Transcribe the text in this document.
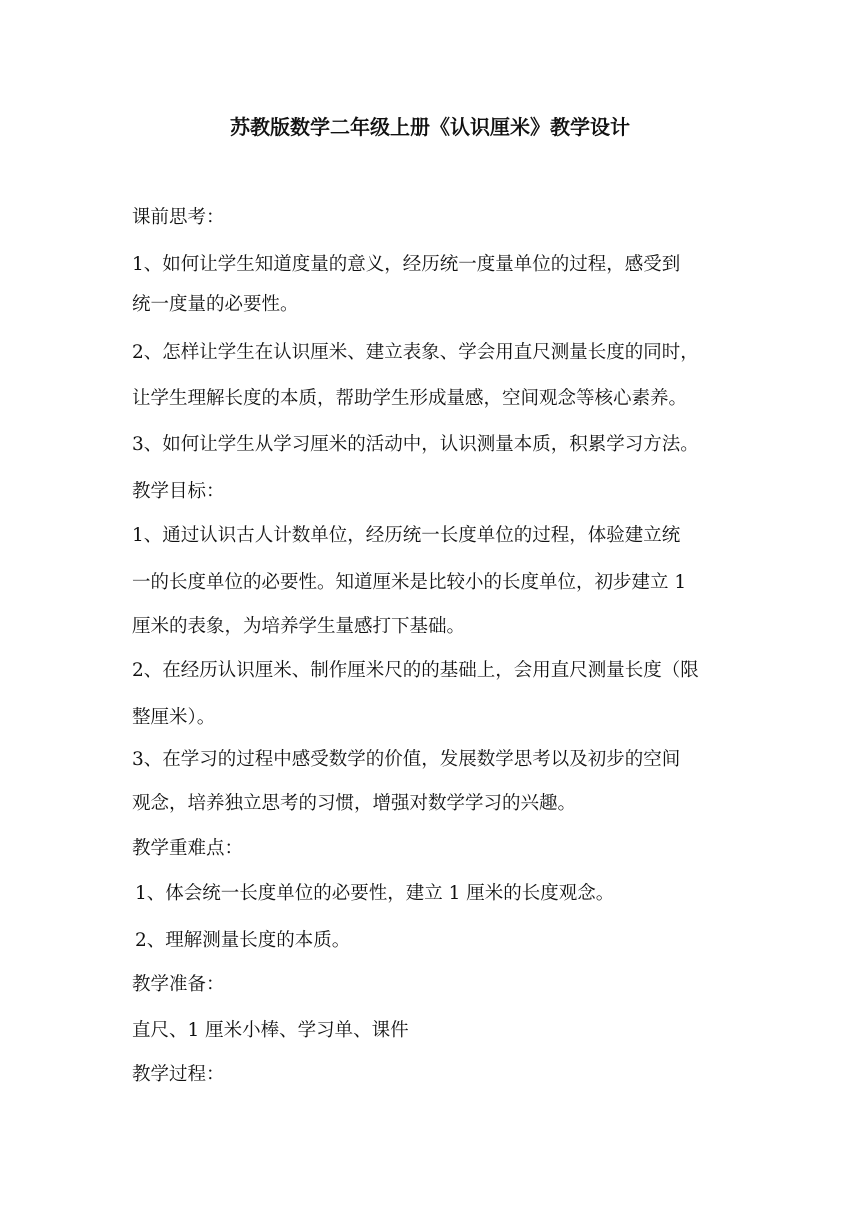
苏教版数学二年级上册《认识厘米》教学设计
课前思考：
1、如何让学生知道度量的意义，经历统一度量单位的过程，感受到
统一度量的必要性。
2、怎样让学生在认识厘米、建立表象、学会用直尺测量长度的同时，
让学生理解长度的本质，帮助学生形成量感，空间观念等核心素养。
3、如何让学生从学习厘米的活动中，认识测量本质，积累学习方法。
教学目标：
1、通过认识古人计数单位，经历统一长度单位的过程，体验建立统
一的长度单位的必要性。知道厘米是比较小的长度单位，初步建立 1
厘米的表象，为培养学生量感打下基础。
2、在经历认识厘米、制作厘米尺的的基础上，会用直尺测量长度（限
整厘米）。
3、在学习的过程中感受数学的价值，发展数学思考以及初步的空间
观念，培养独立思考的习惯，增强对数学学习的兴趣。
教学重难点：
1、体会统一长度单位的必要性，建立 1 厘米的长度观念。
2、理解测量长度的本质。
教学准备：
直尺、1 厘米小棒、学习单、课件
教学过程：
